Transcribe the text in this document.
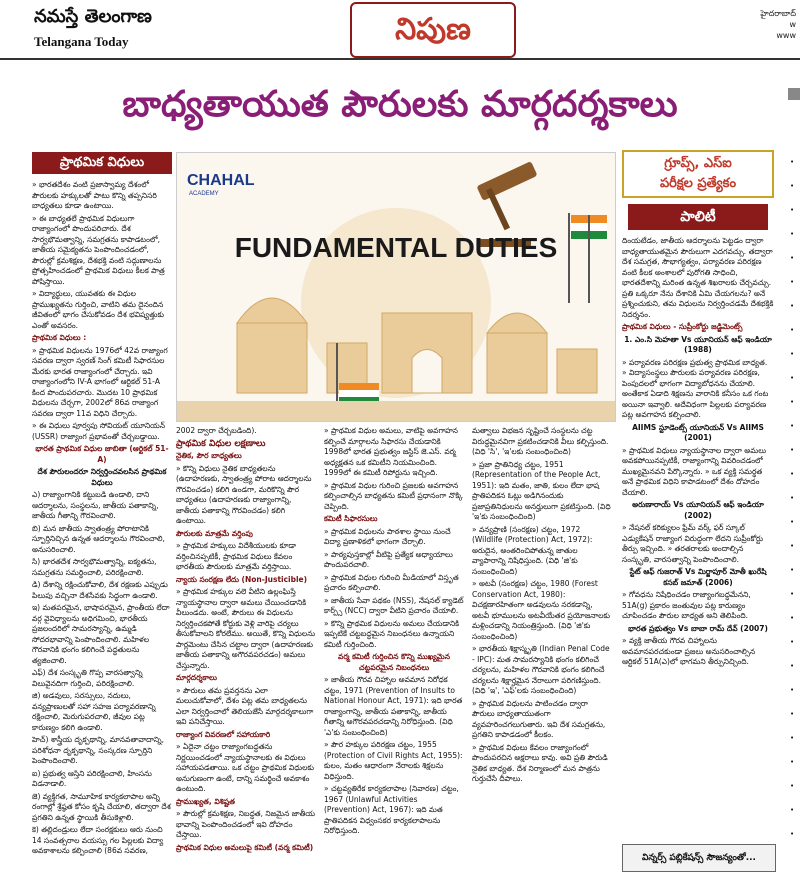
నమస్తే తెలంగాణ
Telangana Today	నిపుణ	హైదరాబాద్
w
www
బాధ్యతాయుత పౌరులకు మార్గదర్శకాలు
ప్రాథమిక విధులు

» భారతదేశం వంటి ప్రజాస్వామ్య దేశంలో పౌరులకు హక్కులతో పాటు కొన్ని తప్పనిసరి బాధ్యతలు కూడా ఉంటాయి.

» ఈ బాధ్యతలే ప్రాథమిక విధులుగా రాజ్యాంగంలో పొందుపరిచారు. దేశ సార్వభౌమత్వాన్ని, సమగ్రతను కాపాడటంలో, జాతీయ సమైక్యతను పెంపొందించడంలో, పౌరుల్లో క్రమశిక్షణ, దేశభక్తి వంటి సద్గుణాలను ప్రోత్సహించడంలో ప్రాథమిక విధులు కీలక పాత్ర పోషిస్తాయి.

» విద్యార్థులు, యువతకు ఈ విధుల ప్రాముఖ్యతను గుర్తించి, వాటిని తమ దైనందిన జీవితంలో భాగం చేసుకోవడం దేశ భవిష్యత్తుకు ఎంతో అవసరం.

ప్రాథమిక విధులు :

» ప్రాథమిక విధులను 1976లో 42వ రాజ్యాంగ సవరణ ద్వారా స్వరణ్ సింగ్ కమిటీ సిఫారసుల మేరకు భారత రాజ్యాంగంలో చేర్చారు. ఇవి రాజ్యాంగంలోని IV-A భాగంలో ఆర్టికల్ 51-A కింద పొందుపరచారు. మొదట 10 ప్రాథమిక విధులను చేర్చగా, 2002లో 86వ రాజ్యాంగ సవరణ ద్వారా 11వ విధిని చేర్చారు.

» ఈ విధులు పూర్వపు సోవియట్ యూనియన్ (USSR) రాజ్యాంగ ప్రభావంతో చేర్చబడ్డాయి.

భారత ప్రాథమిక విధుల జాబితా (ఆర్టికల్ 51-A)

దేశ పౌరులందరూ నిర్వర్తించవలసిన ప్రాథమిక విధులు

ఎ) రాజ్యాంగానికి కట్టుబడి ఉండాలి, దాని ఆదర్శాలను, సంస్థలను, జాతీయ పతాకాన్ని, జాతీయ గీతాన్ని గౌరవించాలి.

బి) మన జాతీయ స్వాతంత్ర్య పోరాటానికి స్ఫూర్తినిచ్చిన ఉన్నత ఆదర్శాలను గౌరవించాలి, అనుసరించాలి.

సి) భారతదేశ సార్వభౌమత్వాన్ని, ఐక్యతను, సమగ్రతను సమర్థించాలి, పరిరక్షించాలి.

డి) దేశాన్ని రక్షించుకోవాలి, దేశ రక్షణకు ఎప్పుడు పిలుపు వచ్చినా దేశసేవకు సిద్ధంగా ఉండాలి.

ఇ) మతపరమైన, భాషాపరమైన, ప్రాంతీయ లేదా వర్గ వైవిధ్యాలను అధిగమించి, భారతీయ ప్రజలందరిలో సామరస్యాన్ని, ఉమ్మడి సోదరభావాన్ని పెంపొందించాలి. మహిళల గౌరవానికి భంగం కలిగించే పద్ధతులను త్యజించాలి.

ఎఫ్) దేశ సంస్కృతి గొప్ప వారసత్వాన్ని విలువైనదిగా గుర్తించి, పరిరక్షించాలి.

జి) అడవులు, సరస్సులు, నదులు, వన్యప్రాణులతో సహా సహజ పర్యావరణాన్ని రక్షించాలి, మెరుగుపరచాలి, జీవుల పట్ల కారుణ్యం కలిగి ఉండాలి.

హెచ్) శాస్త్రీయ దృక్పథాన్ని, మానవతావాదాన్ని, పరిశోధనా దృక్పథాన్ని, సంస్కరణ స్ఫూర్తిని పెంపొందించాలి.

ఐ) ప్రభుత్వ ఆస్తిని పరిరక్షించాలి, హింసను విడనాడాలి.

జె) వ్యక్తిగత, సామూహిక కార్యకలాపాల అన్ని రంగాల్లో శ్రేష్ఠత కోసం కృషి చేయాలి, తద్వారా దేశ ప్రగతిని ఉన్నత స్థాయికి తీసుకెళ్లాలి.

కె) తల్లిదండ్రులు లేదా సంరక్షకులు ఆరు నుంచి 14 సంవత్సరాల వయస్సు గల పిల్లలకు విద్యా అవకాశాలను కల్పించాలి (86వ సవరణ,

CHAHAL
ACADEMY
FUNDAMENTAL DUTIES

2002 ద్వారా చేర్చబడింది).

ప్రాథమిక విధుల లక్షణాలు

నైతిక, పౌర బాధ్యతలు

» కొన్ని విధులు నైతిక బాధ్యతలను (ఉదాహరణకు, స్వాతంత్ర్య పోరాట ఆదర్శాలను గౌరవించడం) కలిగి ఉండగా, మరికొన్ని పౌర బాధ్యతలు (ఉదాహరణకు రాజ్యాంగాన్ని, జాతీయ పతాకాన్ని గౌరవించడం) కలిగి ఉంటాయి.

పౌరులకు మాత్రమే వర్తింపు

» ప్రాథమిక హక్కులు విదేశీయులకు కూడా వర్తించినప్పటికీ, ప్రాథమిక విధులు కేవలం భారతీయ పౌరులకు మాత్రమే వర్తిస్తాయి.

న్యాయ సంరక్షణ లేదు (Non-Justicible)

» ప్రాథమిక హక్కుల వలె వీటిని ఉల్లంఘిస్తే న్యాయస్థానాల ద్వారా అమలు చేయించడానికి వీలుండదు. అంటే, పౌరులు ఈ విధులను నిర్వర్తించకపోతే కోర్టుకు వెళ్లి వారిపై చర్యలు తీసుకోవాలని కోరలేము. అయితే, కొన్ని విధులను పార్లమెంటు చేసిన చట్టాల ద్వారా (ఉదాహరణకు జాతీయ పతాకాన్ని అగౌరవపరచడం) అమలు చేస్తున్నారు.

మార్గదర్శకాలు

» పౌరులు తమ ప్రవర్తనను ఎలా మలుచుకోవాలో, దేశం పట్ల తమ బాధ్యతలను ఎలా నిర్వర్తించాలో తెలియజేసే మార్గదర్శకాలుగా ఇవి పనిచేస్తాయి.

రాజ్యాంగ వివరణలో సహాయకారి

» ఏదైనా చట్టం రాజ్యాంగబద్ధతను నిర్ణయించడంలో న్యాయస్థానాలకు ఈ విధులు సహాయపడతాయి. ఒక చట్టం ప్రాథమిక విధులకు అనుగుణంగా ఉంటే, దాన్ని సమర్థించే అవకాశం ఉంటుంది.

ప్రాముఖ్యత, విశిష్టత

» పౌరుల్లో క్రమశిక్షణ, నిబద్ధత, నిజమైన జాతీయ భావాన్ని పెంపొందించడంలో ఇవి దోహదం చేస్తాయి.

ప్రాథమిక విధుల అమలుపై కమిటీ (వర్మ కమిటీ)

» ప్రాథమిక విధుల అమలు, వాటిపై అవగాహన కల్పించే మార్గాలను సిఫారసు చేయడానికి 1998లో భారత ప్రభుత్వం జస్టిస్ జె.ఎస్. వర్మ అధ్యక్షతన ఒక కమిటీని నియమించింది. 1999లో ఈ కమిటీ రిపోర్టును ఇచ్చింది.

» ప్రాథమిక విధుల గురించి ప్రజలకు అవగాహన కల్పించాల్సిన బాధ్యతను కమిటీ ప్రధానంగా నొక్కి చెప్పింది.

కమిటీ సిఫారసులు

» ప్రాథమిక విధులను పాఠశాల స్థాయి నుంచే విద్యా ప్రణాళికలో భాగంగా చేర్చాలి.

» పాఠ్యపుస్తకాల్లో వీటిపై ప్రత్యేక అధ్యాయాలు పొందుపరచాలి.

» ప్రాథమిక విధుల గురించి మీడియాలో విస్తృత ప్రచారం కల్పించాలి.

» జాతీయ సేవా పథకం (NSS), నేషనల్ క్యాడెట్ కార్ప్స్ (NCC) ద్వారా వీటిని ప్రచారం చేయాలి.

» కొన్ని ప్రాథమిక విధులను అమలు చేయడానికి ఇప్పటికే చట్టబద్ధమైన నిబంధనలు ఉన్నాయని కమిటీ గుర్తించింది.

వర్మ కమిటీ గుర్తించిన కొన్ని ముఖ్యమైన చట్టపరమైన నిబంధనలు

» జాతీయ గౌరవ చిహ్నాల అవమాన నిరోధక చట్టం, 1971 (Prevention of Insults to National Honour Act, 1971): ఇది భారత రాజ్యాంగాన్ని, జాతీయ పతాకాన్ని, జాతీయ గీతాన్ని అగౌరవపరచడాన్ని నిరోధిస్తుంది. (విధి 'ఎ'కు సంబంధించింది)

» పౌర హక్కుల పరిరక్షణ చట్టం, 1955 (Protection of Civil Rights Act, 1955): కులం, మతం ఆధారంగా నేరాలకు శిక్షలను విధిస్తుంది.

» చట్టవ్యతిరేక కార్యకలాపాల (నివారణ) చట్టం, 1967 (Unlawful Activities (Prevention) Act, 1967): ఇది మత ప్రాతిపదికన విధ్వంసకర కార్యకలాపాలను నిరోధిస్తుంది.

మత్వాలు విభజన సృష్టించే సంస్థలను చట్ట విరుద్ధమైనవిగా ప్రకటించడానికి వీలు కల్పిస్తుంది. (విధి 'సి', 'ఇ'లకు సంబంధించింది)

» ప్రజా ప్రాతినిధ్య చట్టం, 1951 (Representation of the People Act, 1951): ఇది మతం, జాతి, కులం లేదా భాష ప్రాతిపదికన ఓట్లు అడిగినందుకు ప్రజాప్రతినిధులను అనర్హులుగా ప్రకటిస్తుంది. (విధి 'ఇ'కు సంబంధించింది)

» వన్యప్రాణి (సంరక్షణ) చట్టం, 1972 (Wildlife (Protection) Act, 1972): అరుదైన, అంతరించిపోతున్న జాతుల వ్యాపారాన్ని నిషేధిస్తుంది. (విధి 'జి'కు సంబంధించింది)

» అటవీ (సంరక్షణ) చట్టం, 1980 (Forest Conservation Act, 1980): విచక్షణారహితంగా అడవులను నరకడాన్ని, అటవీ భూములను అటవీయేతర ప్రయోజనాలకు మళ్లించడాన్ని నియంత్రిస్తుంది. (విధి 'జి'కు సంబంధించింది)

» భారతీయ శిక్షాస్మృతి (Indian Penal Code - IPC): మత సామరస్యానికి భంగం కలిగించే చర్యలను, మహిళల గౌరవానికి భంగం కలిగించే చర్యలను శిక్షార్హమైన నేరాలుగా పరిగణిస్తుంది. (విధి 'ఇ', 'ఎఫ్'లకు సంబంధించింది)

» ప్రాథమిక విధులను పాటించడం ద్వారా పౌరులు బాధ్యతాయుతంగా వ్యవహరించగలుగుతారు. ఇవి దేశ సమగ్రతను, ప్రగతిని కాపాడడంలో కీలకం.

» ప్రాథమిక విధులు కేవలం రాజ్యాంగంలో పొందుపరచిన అక్షరాలు కావు. అవి ప్రతి పౌరుడి నైతిక బాధ్యత. దేశ నిర్మాణంలో మన పాత్రను గుర్తుచేసే దీపాలు.

గ్రూప్స్, ఎస్ఐ
పరీక్షల ప్రత్యేకం
పాలిటీ

దింయటేడం, జాతీయ ఆదర్శాలను పెట్టడం ద్వారా బాధ్యతాయుతమైన పౌరులుగా ఎదగవచ్చు. తద్వారా దేశ సమగ్రత, సౌభాగ్యత్వం, పర్యావరణ పరిరక్షణ వంటి కీలక అంశాలలో పురోగతి సాధించి, భారతదేశాన్ని మరింత ఉన్నత శిఖరాలకు చేర్చవచ్చు. ప్రతి ఒక్కరూ నేను దేశానికి ఏమి చేయగలను? అనే ప్రశ్నించుకుని, తమ విధులను నిర్వర్తించడమే దేశభక్తికి నిదర్శనం.

ప్రాథమిక విధులు - సుప్రీంకోర్టు జడ్జిమెంట్స్

1. ఎం.సి మెహతా Vs యూనియన్ ఆఫ్ ఇండియా (1988)

» పర్యావరణ పరిరక్షణ ప్రభుత్వ ప్రాథమిక బాధ్యత. » విద్యాసంస్థలు పౌరులకు పర్యావరణ పరిరక్షణ, పెంపుదలలో భాగంగా విద్యాబోధనను చేయాలి. అంతేకాక ఏడాది శిక్షణను వారానికి కనీసం ఒక గంట అయినా ఇవ్వాలి. అదేవిధంగా పిల్లలకు పర్యావరణ పట్ల అవగాహన కల్పించాలి.

AIIMS స్టూడెంట్స్ యూనియన్ Vs AIIMS (2001)

» ప్రాథమిక విధులు న్యాయస్థానాల ద్వారా అమలు అవకపోయినప్పటికీ, రాజ్యాంగాన్ని వివరించడంలో ముఖ్యమైనవని పేర్కొన్నారు. » ఒక వ్యక్తి సమర్థత అనే ప్రాథమిక విధిని కాపాడటంలో దేశం దోహదం చేయాలి.

అరుణారాయ్ Vs యూనియన్ ఆఫ్ ఇండియా (2002)

» నేషనల్ కరిక్యులం ఫ్రేమ్ వర్క్ ఫర్ స్కూల్ ఎడ్యుకేషన్ రాజ్యాంగ విరుద్ధంగా లేదని సుప్రీంకోర్టు తీర్పు ఇచ్చింది. » తరతరాలకు అందాల్సిన సంస్కృతి, వారసత్వాన్ని పెంపొందించాలి.

స్టేట్ ఆఫ్ గుజరాత్ Vs మిర్జాపూర్ మోతీ ఖురేషి కసబ్ జమాత్ (2006)

» గోవధను నిషేధించడం రాజ్యాంగబద్ధమేనని, 51A(g) ప్రకారం జంతువుల పట్ల కారుణ్యం చూపించడం పౌరుల బాధ్యత అని తెలిపింది.

భారత ప్రభుత్వం Vs బాబా రామ్ దేవ్ (2007)

» వ్యక్తి జాతీయ గౌరవ చిహ్నాలను అవమానపరచకుండా ప్రజలు అనుసరించాల్సిన ఆర్టికల్ 51A(ఎ)లో భాగమని తీర్పునిచ్చింది.

విన్నర్స్ పబ్లికేషన్స్ సౌజన్యంతో...
•
•
•
•
•
•
•
•
•
•
•
•
•
•
•
•
•
•
•
•
•
•
•
•
•
•
•
•
•
